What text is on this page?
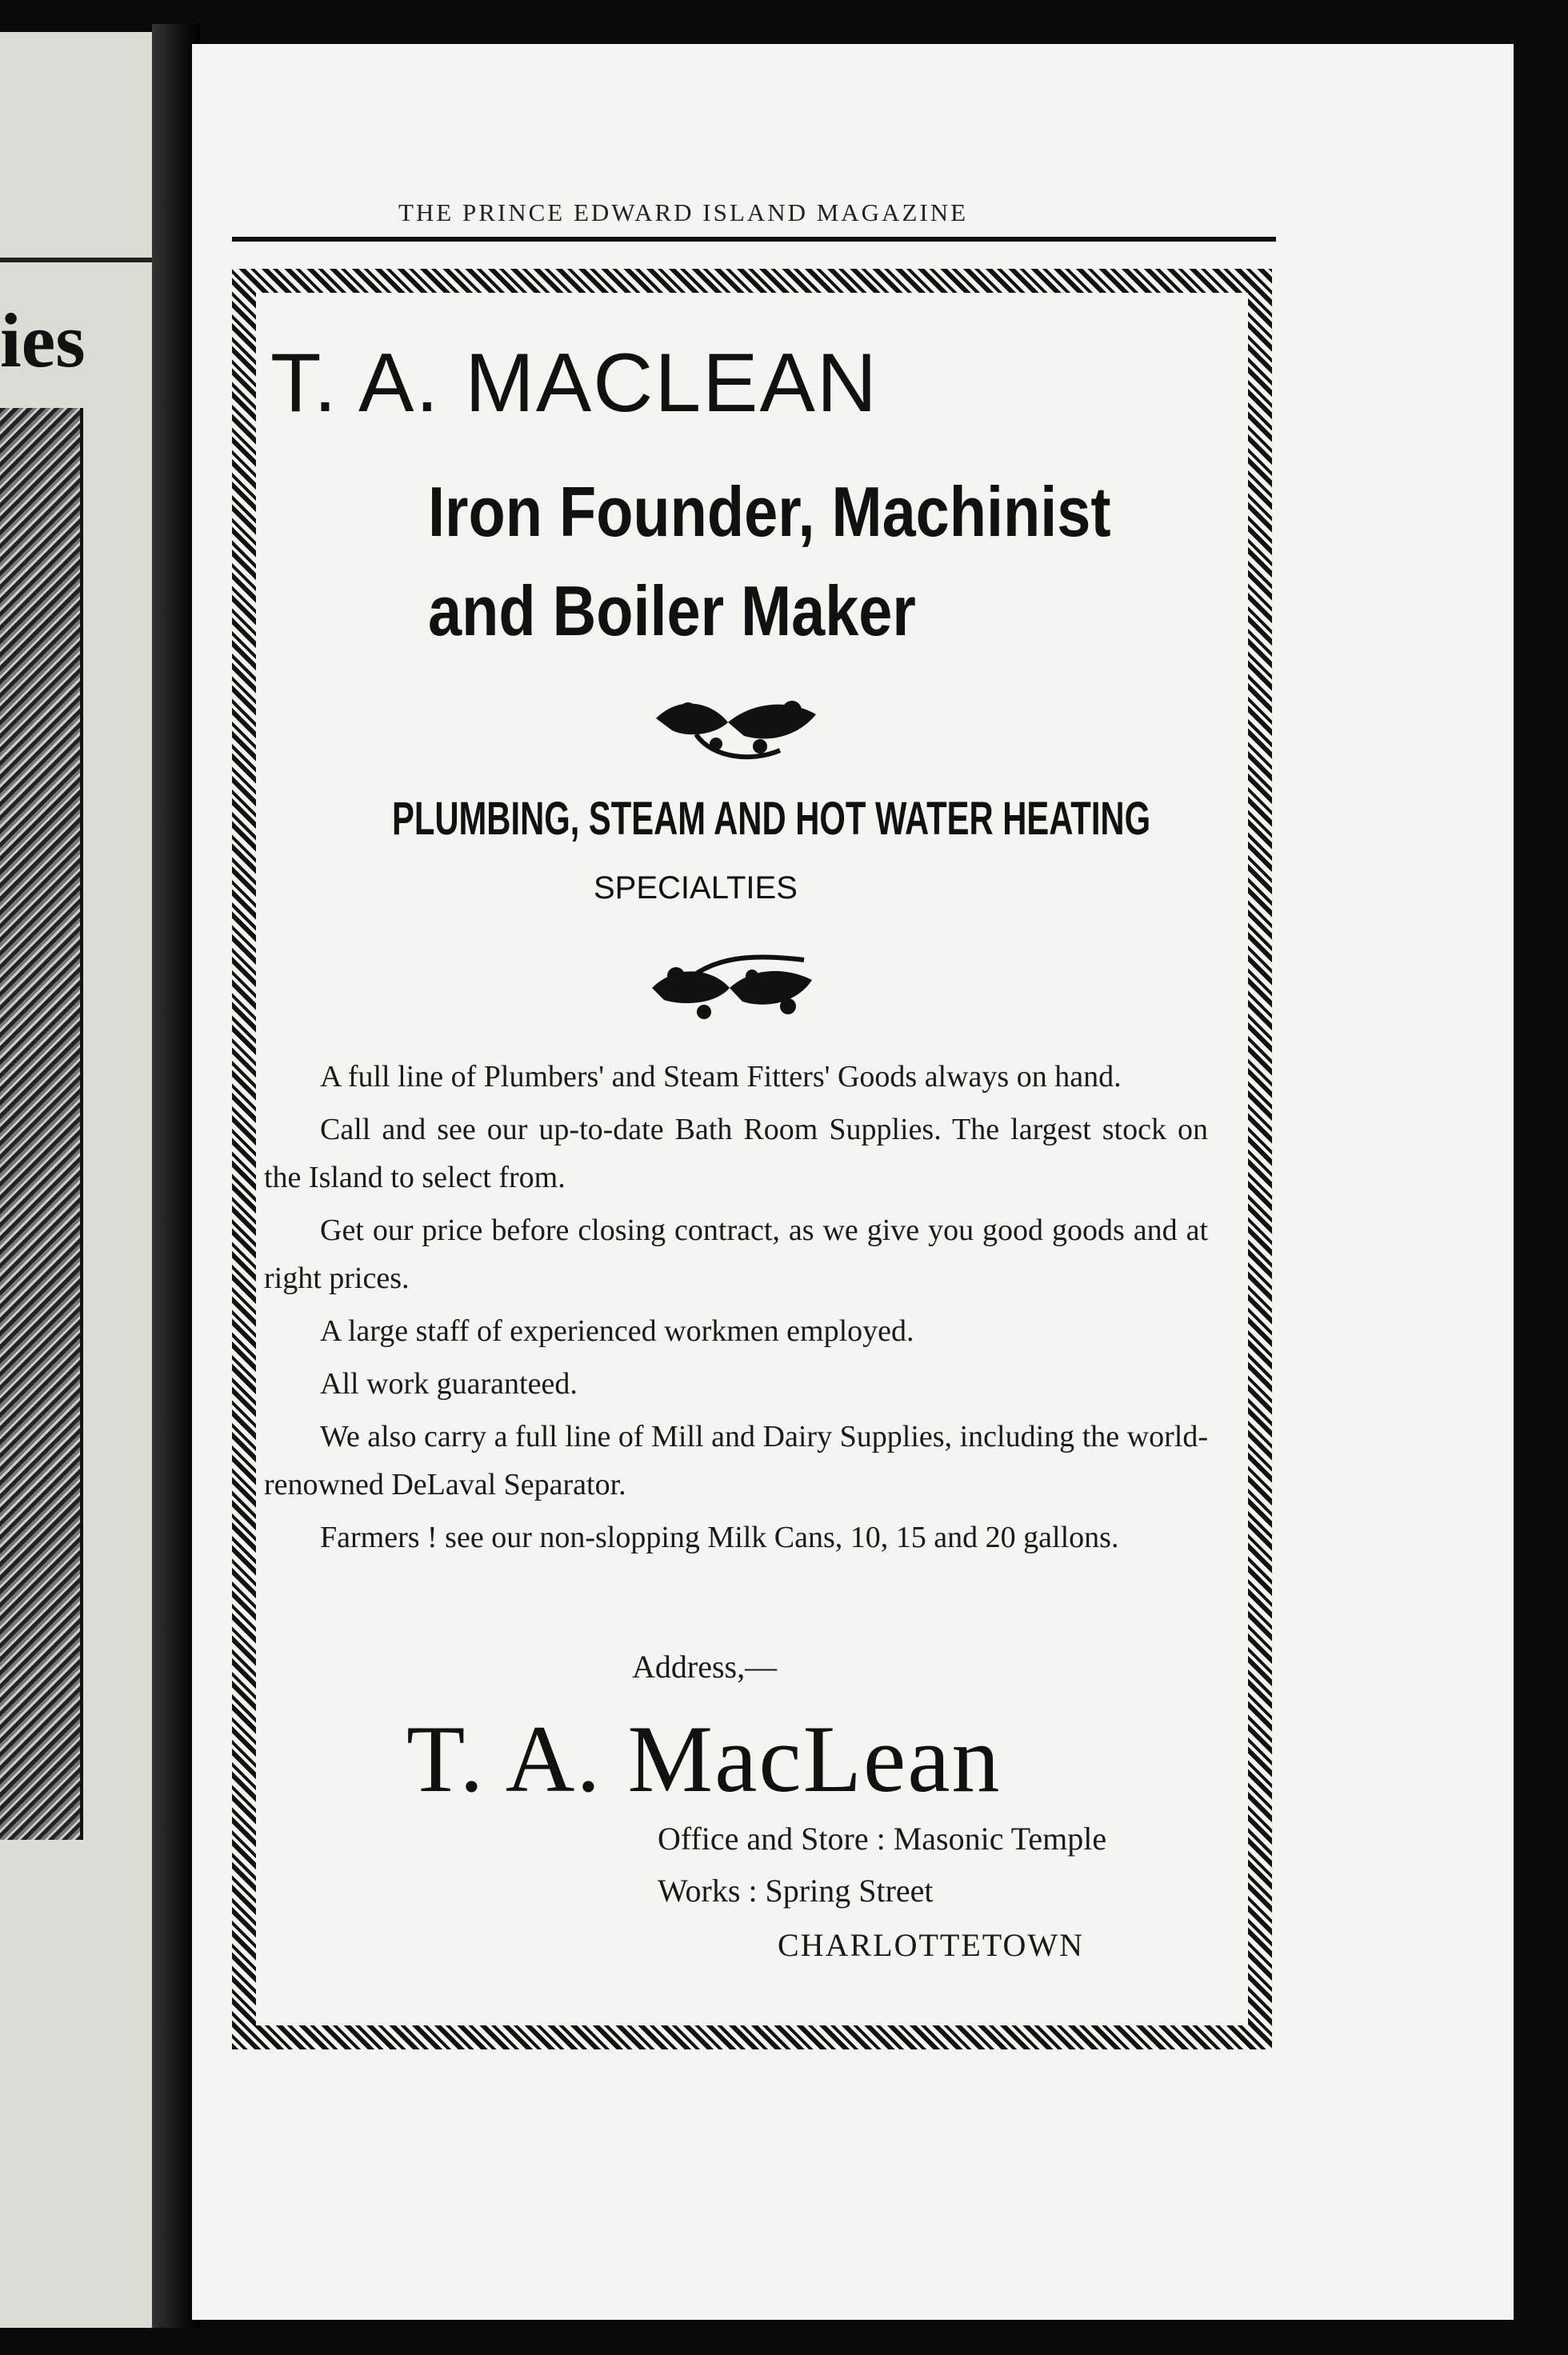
ies
THE PRINCE EDWARD ISLAND MAGAZINE
T. A. MACLEAN
Iron Founder, Machinist
and Boiler Maker
PLUMBING, STEAM AND HOT WATER HEATING
SPECIALTIES

A full line of Plumbers' and Steam Fitters' Goods always on hand.

Call and see our up-to-date Bath Room Supplies. The largest stock on the Island to select from.

Get our price before closing contract, as we give you good goods and at right prices.

A large staff of experienced workmen employed.

All work guaranteed.

We also carry a full line of Mill and Dairy Supplies, including the world-renowned DeLaval Separator.

Farmers ! see our non-slopping Milk Cans, 10, 15 and 20 gallons.

Address,—
T. A. MacLean
Office and Store : Masonic Temple
Works : Spring Street
CHARLOTTETOWN
